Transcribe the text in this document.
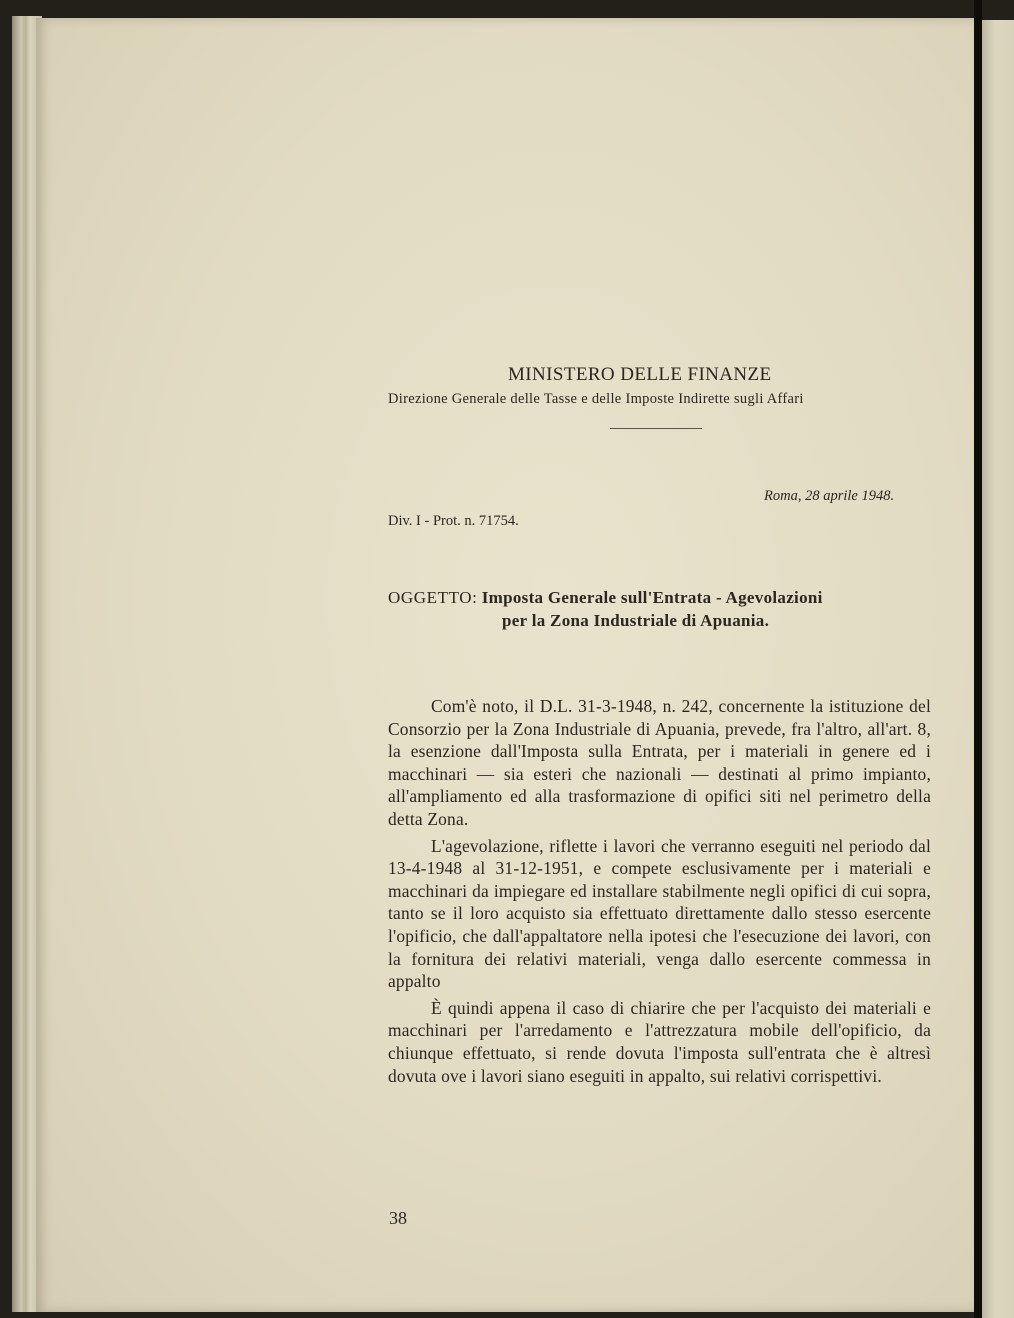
MINISTERO DELLE FINANZE
Direzione Generale delle Tasse e delle Imposte Indirette sugli Affari
Roma, 28 aprile 1948.
Div. I - Prot. n. 71754.
OGGETTO: Imposta Generale sull'Entrata - Agevolazioni
per la Zona Industriale di Apuania.

Com'è noto, il D.L. 31-3-1948, n. 242, concernente la istituzione del Consorzio per la Zona Industriale di Apuania, prevede, fra l'altro, all'art. 8, la esenzione dall'Imposta sulla Entrata, per i materiali in genere ed i macchinari — sia esteri che nazionali — destinati al primo impianto, all'ampliamento ed alla trasformazione di opifici siti nel perimetro della detta Zona.

L'agevolazione, riflette i lavori che verranno eseguiti nel periodo dal 13-4-1948 al 31-12-1951, e compete esclusivamente per i materiali e macchinari da impiegare ed installare stabilmente negli opifici di cui sopra, tanto se il loro acquisto sia effettuato direttamente dallo stesso esercente l'opificio, che dall'appaltatore nella ipotesi che l'esecuzione dei lavori, con la fornitura dei relativi materiali, venga dallo esercente commessa in appalto

È quindi appena il caso di chiarire che per l'acquisto dei materiali e macchinari per l'arredamento e l'attrezzatura mobile dell'opificio, da chiunque effettuato, si rende dovuta l'imposta sull'entrata che è altresì dovuta ove i lavori siano eseguiti in appalto, sui relativi corrispettivi.

38
